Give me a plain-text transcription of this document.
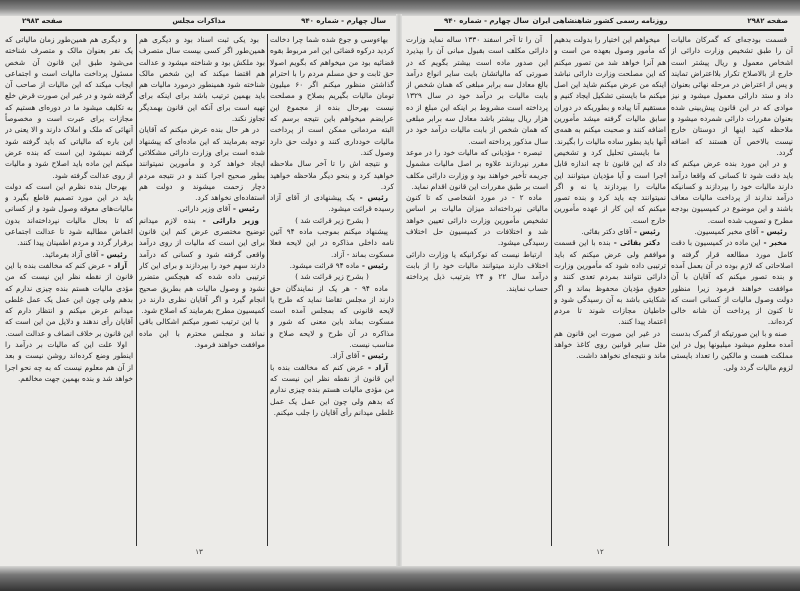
سال چهارم - شماره ۹۴۰
مذاکرات مجلس
صفحه ۲۹۸۳

و دیگری هم همین‌طور زمان مالیاتی که یک نفر بعنوان مالک و متصرف شناخته می‌شود طبق این قانون آن شخص مسئول پرداخت مالیات است و اجتماعی ایجاب میکند که این مالیات از صاحب آن گرفته شود و در غیر این صورت قرض خلع به تکلیف میشود ما در دوره‌ای هستیم که مجازات برای عبرت است و مخصوصاً آنهائی که ملک و املاک دارند و الا یعنی در این باره که مالیاتی که باید گرفته شود گرفته نمیشود این است که بنده عرض میکنم این ماده باید اصلاح شود و مالیات از روی عدالت گرفته شود.

بهرحال بنده نظرم این است که دولت باید در این مورد تصمیم قاطع بگیرد و مالیات‌های معوقه وصول شود و از کسانی که تا بحال مالیات نپرداخته‌اند بدون اغماض مطالبه شود تا عدالت اجتماعی برقرار گردد و مردم اطمینان پیدا کنند.

رئیس - آقای آزاد بفرمائید.

آزاد - عرض کنم که مخالفت بنده با این قانون از نقطه نظر این نیست که من مؤدی مالیات هستم بنده چیزی ندارم که بدهم ولی چون این عمل یک عمل غلطی میدانم عرض میکنم و انتظار دارم که آقایان رأی ندهند و دلایل من این است که این قانون بر خلاف انصاف و عدالت است.

اولا علت این که مالیات بر درآمد را اینطور وضع کرده‌اند روشن نیست و بعد از آن هم معلوم نیست که به چه نحو اجرا خواهد شد و بنده بهمین جهت مخالفم.

بود یکی ثبت اسناد بود و دیگری هم همین‌طور اگر کسی بیست سال متصرف بود ملکش بود و شناخته میشود و عدالت هم اقتضا میکند که این شخص مالک شناخته شود همینطور درمورد مالیات هم باید بهمین ترتیب باشد برای اینکه برای تهیه است برای آنکه این قانون بهمدیگر تجاوز نکند.

در هر حال بنده عرض میکنم که آقایان توجه بفرمایند که این ماده‌ای که پیشنهاد شده است برای وزارت دارائی مشکلاتی ایجاد خواهد کرد و مأمورین نمیتوانند بطور صحیح اجرا کنند و در نتیجه مردم دچار زحمت میشوند و دولت هم استفاده‌ای نخواهد کرد.

رئیس - آقای وزیر دارائی.

وزیر دارائی - بنده لازم میدانم توضیح مختصری عرض کنم این قانون برای این است که مالیات از روی درآمد واقعی گرفته شود و کسانی که درآمد دارند سهم خود را بپردازند و برای این کار ترتیبی داده شده که هیچکس متضرر نشود و وصول مالیات هم بطریق صحیح انجام گیرد و اگر آقایان نظری دارند در کمیسیون مطرح بفرمایند که اصلاح شود.

با این ترتیب تصور میکنم اشکالی باقی نماند و مجلس محترم با این ماده موافقت خواهند فرمود.

بهاءوسی و جوع شده شما چرا دخالت کردید درکوه قضائی این امر مربوط بقوه قضائیه بود من میخواهم که بگویم اصولا حق ثابت و حق مسلم مردم را با احترام گذاشتن منظور میکنم اگر ۶۰ میلیون تومان مالیات بگیریم بصلاح و مصلحت نیست بهرحال بنده از مجموع این عرایضم میخواهم باین نتیجه برسم که البته مردمانی ممکن است از پرداخت مالیات خودداری کنند و دولت حق دارد وصول کند.

و نتیجه اش را تا آخر سال ملاحظه خواهید کرد و بنحو دیگر ملاحظه خواهید کرد.

رئیس - یک پیشنهادی از آقای آزاد رسیده قرائت میشود.

( بشرح زیر قرائت شد )

پیشنهاد میکنم بموجب ماده ۹۴ آئین نامه داخلی مذاکره در این لایحه فعلا مسکوت بماند - آزاد.

رئیس - ماده ۹۴ قرائت میشود.

( بشرح زیر قرائت شد )

ماده ۹۴ - هر یک از نمایندگان حق دارند از مجلس تقاضا نماید که طرح یا لایحه قانونی که بمجلس آمده است مسکوت بماند باین معنی که شور و مذاکره در آن طرح و لایحه صلاح و مناسب نیست.

رئیس - آقای آزاد.

آزاد - عرض کنم که مخالفت بنده با این قانون از نقطه نظر این نیست که من مؤدی مالیات هستم بنده چیزی ندارم که بدهم ولی چون این عمل یک عمل غلطی میدانم رأی آقایان را جلب میکنم.

۱۳
صفحه ۲۹۸۲
روزنامه رسمی کشور شاهنشاهی ایران
سال چهارم - شماره ۹۴۰

آن را تا آخر اسفند ۱۳۳۰ ساله نماید وزارت دارائی مکلف است بقبول مبانی آن را بپذیرد این صدور ماده است بیشتر بگویم که در صورتی که مالیاتشان بابت سایر انواع درآمد بالغ معادل سه برابر مبلغی که همان شخص از بابت مالیات بر درآمد خود در سال ۱۳۲۹ پرداخته است مشروط بر اینکه این مبلغ از ده هزار ریال بیشتر باشد معادل سه برابر مبلغی که همان شخص از بابت مالیات درآمد خود در سال مذکور پرداخته است.

تبصره - مؤدیانی که مالیات خود را در موعد مقرر نپردازند علاوه بر اصل مالیات مشمول جریمه تأخیر خواهند بود و وزارت دارائی مکلف است بر طبق مقررات این قانون اقدام نماید.

ماده ۲ - در مورد اشخاصی که تا کنون مالیاتی نپرداخته‌اند میزان مالیات بر اساس تشخیص مأمورین وزارت دارائی تعیین خواهد شد و اختلافات در کمیسیون حل اختلاف رسیدگی میشود.

ارتباط نیست که نوکرانیکه یا وزارت دارائی اختلاف دارند میتوانند مالیات خود را از بابت درآمد سال ۲۲ و ۲۴ بترتیب ذیل پرداخته حساب نمایند.

میخواهم این اختیار را بدولت بدهیم که مأمور وصول بعهده من است و هم آنرا خواهد شد من تصور میکنم که این مصلحت وزارت دارائی نباشد اینکه من عرض میکنم شاید این اصل میکنم ما بایستی تشکیل ایجاد کنیم و مستقیم آنا پیاده و بطوریکه در دوران سابق مالیات گرفته میشد مأمورین اضافه کنند و صحبت میکنم به همه‌ی آنها باید بطور ساده مالیات را بگیرند.

ما بایستی تحلیل کرد و تشخیص داد که این قانون تا چه اندازه قابل اجرا است و آیا مؤدیان میتوانند این مالیات را بپردازند یا نه و اگر نمیتوانند چه باید کرد و بنده تصور میکنم که این کار از عهده مأمورین خارج است.

رئیس - آقای دکتر بقائی.

دکتر بقائی - بنده با این قسمت موافقم ولی عرض میکنم که باید ترتیبی داده شود که مأمورین وزارت دارائی نتوانند بمردم تعدی کنند و حقوق مؤدیان محفوظ بماند و اگر شکایتی باشد به آن رسیدگی شود و خاطیان مجازات شوند تا مردم اعتماد پیدا کنند.

در غیر این صورت این قانون هم مثل سایر قوانین روی کاغذ خواهد ماند و نتیجه‌ای نخواهد داشت.

قسمت بودجه‌ای که گمرکان مالیات آن را طبق تشخیص وزارت دارائی از اشخاص معمول و ریال پیشتر است خارج از بالاصلاح تکرار بلااعتراض تمایند و پس از اعتراض در مرحله نهائی بعنوان داد و ستد دارائی معمول میشود و نیز موادی که در این قانون پیش‌بینی شده بعنوان مقررات دارائی شمرده میشود و ملاحظه کنید اینها از دوستان خارج نیست بالاخص آن هستند که اضافه گردد.

و در این مورد بنده عرض میکنم که باید دقت شود تا کسانی که واقعا درآمد دارند مالیات خود را بپردازند و کسانیکه درآمد ندارند از پرداخت مالیات معاف باشند و این موضوع در کمیسیون بودجه مطرح و تصویب شده است.

رئیس - آقای مخبر کمیسیون.

مخبر - این ماده در کمیسیون با دقت کامل مورد مطالعه قرار گرفته و اصلاحاتی که لازم بوده در آن بعمل آمده و بنده تصور میکنم که آقایان با آن موافقت خواهند فرمود زیرا منظور دولت وصول مالیات از کسانی است که تا کنون از پرداخت آن شانه خالی کرده‌اند.

صنه و با این صورتیکه از گمرک بدست آمده معلوم میشود میلیونها پول در این مملکت هست و مالکین را تعداد بایستی لزوم مالیات گردد ولی.

۱۲
